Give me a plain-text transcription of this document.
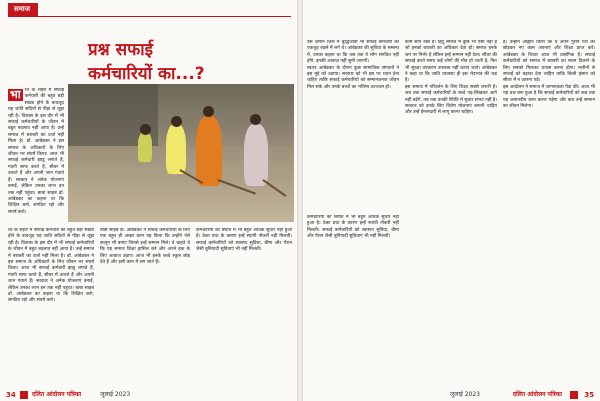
समाज
प्रश्न सफाई
कर्मचारियों का...?
भा रत के शहरों में सफाई कर्मचारी की बहुत बड़ी संख्या होने के बावजूद यह जाति सदियों से पीड़ा से जूझ रही है। विकास के इस दौर में भी सफाई कर्मचारियों के जीवन में बहुत बदलाव नहीं आया है। उन्हें समाज में बराबरी का दर्जा नहीं मिला है। डॉ. आंबेडकर ने इस समाज के अधिकारों के लिए जीवन भर संघर्ष किया। आज भी सफाई कर्मचारी झाडू लगाते हैं, गंदगी साफ करते हैं, सीवर में उतरते हैं और अपनी जान गंवाते हैं। सरकार ने अनेक योजनाएं बनाईं, लेकिन उनका लाभ इन तक नहीं पहुंचा। बाबा साहब डॉ. आंबेडकर का कहना था कि शिक्षित बनो, संगठित रहो और संघर्ष करो।

रत के शहरों में सफाई कर्मचारी की बहुत बड़ी संख्या होने के बावजूद यह जाति सदियों से पीड़ा से जूझ रही है। विकास के इस दौर में भी सफाई कर्मचारियों के जीवन में बहुत बदलाव नहीं आया है। उन्हें समाज में बराबरी का दर्जा नहीं मिला है। डॉ. आंबेडकर ने इस समाज के अधिकारों के लिए जीवन भर संघर्ष किया। आज भी सफाई कर्मचारी झाडू लगाते हैं, गंदगी साफ करते हैं, सीवर में उतरते हैं और अपनी जान गंवाते हैं। सरकार ने अनेक योजनाएं बनाईं, लेकिन उनका लाभ इन तक नहीं पहुंचा। बाबा साहब डॉ. आंबेडकर का कहना था कि शिक्षित बनो, संगठित रहो और संघर्ष करो।

बाबा साहब डॉ. आंबेडकर ने सफाई कर्मचारियों के लिए एक बहुत ही अच्छा काम यह किया कि उन्होंने ऐसे कानून भी बनाए जिनसे इन्हें सम्मान मिले। वे चाहते थे कि यह समाज शिक्षा हासिल करे और अपने हक के लिए आवाज उठाए। आज भी इनके बच्चे स्कूल छोड़ देते हैं और इसी काम में लग जाते हैं।

कर्मचारियों की स्थिति में भी बहुत अधिक सुधार नहीं हुआ है। ठेका प्रथा के कारण इन्हें स्थायी नौकरी नहीं मिलती। सफाई कर्मचारियों को स्वास्थ्य सुविधा, बीमा और पेंशन जैसी बुनियादी सुविधाएं भी नहीं मिलतीं।

34	दलित आंदोलन पत्रिका	जुलाई 2023

उस ज़माने ज़िले में बुद्धिजीवी भी सफाई कर्मचारी को एकजुट रखने में लगे थे। आंबेडकर की सुविधा के सम्बन्ध में, उनका कहना था कि जब तक ये लोग संगठित नहीं होंगे, इनकी आवाज़ नहीं सुनी जाएगी।

स्वतंत्र आंबेडकर के दौरान कुछ सामाजिक संगठनों ने इस मुद्दे को उठाया। सरकार को भी इस पर ध्यान देना चाहिए ताकि सफाई कर्मचारियों को सम्मानजनक जीवन मिल सके और उनके बच्चों का भविष्य उज्ज्वल हो।

काम सौंप रखा है। हिंदू समाज में कुछ भी ऐसा नहीं है जो इनको बराबरी का अधिकार देता हो। समाज इनके श्रम पर निर्भर है लेकिन इन्हें सम्मान नहीं देता। सीवर की सफाई करते समय कई लोगों की मौत हो जाती है, फिर भी सुरक्षा उपकरण उपलब्ध नहीं कराए जाते। आंबेडकर ने कहा था कि जाति व्यवस्था ही इस भेदभाव की जड़ है।

इस समाज में परिवर्तन के लिए शिक्षा सबसे जरूरी है। जब तक सफाई कर्मचारियों के बच्चे पढ़-लिखकर आगे नहीं बढ़ेंगे, तब तक उनकी स्थिति में सुधार संभव नहीं है। सरकार को इनके लिए विशेष योजनाएं बनानी चाहिए और उन्हें ईमानदारी से लागू करना चाहिए।

है। उन्होंने आह्वान किया कि वे अपने पुराने पेशे को छोड़कर नए काम अपनाएं और शिक्षा प्राप्त करें। आंबेडकर के विचार आज भी प्रासंगिक हैं। सफाई कर्मचारियों को समाज में बराबरी का स्थान दिलाने के लिए सबको मिलकर प्रयास करना होगा। मशीनों से सफाई को बढ़ावा देना चाहिए ताकि किसी इंसान को सीवर में न उतरना पड़े।

इस आंदोलन ने समाज में जागरूकता पैदा की। आज भी यह प्रश्न बना हुआ है कि सफाई कर्मचारियों को कब तक यह अमानवीय काम करना पड़ेगा और कब उन्हें सम्मान का जीवन मिलेगा।

कर्मचारियों की स्थिति में भी बहुत अधिक सुधार नहीं हुआ है। ठेका प्रथा के कारण इन्हें स्थायी नौकरी नहीं मिलती। सफाई कर्मचारियों को स्वास्थ्य सुविधा, बीमा और पेंशन जैसी बुनियादी सुविधाएं भी नहीं मिलतीं।

जुलाई 2023	दलित आंदोलन पत्रिका	35
